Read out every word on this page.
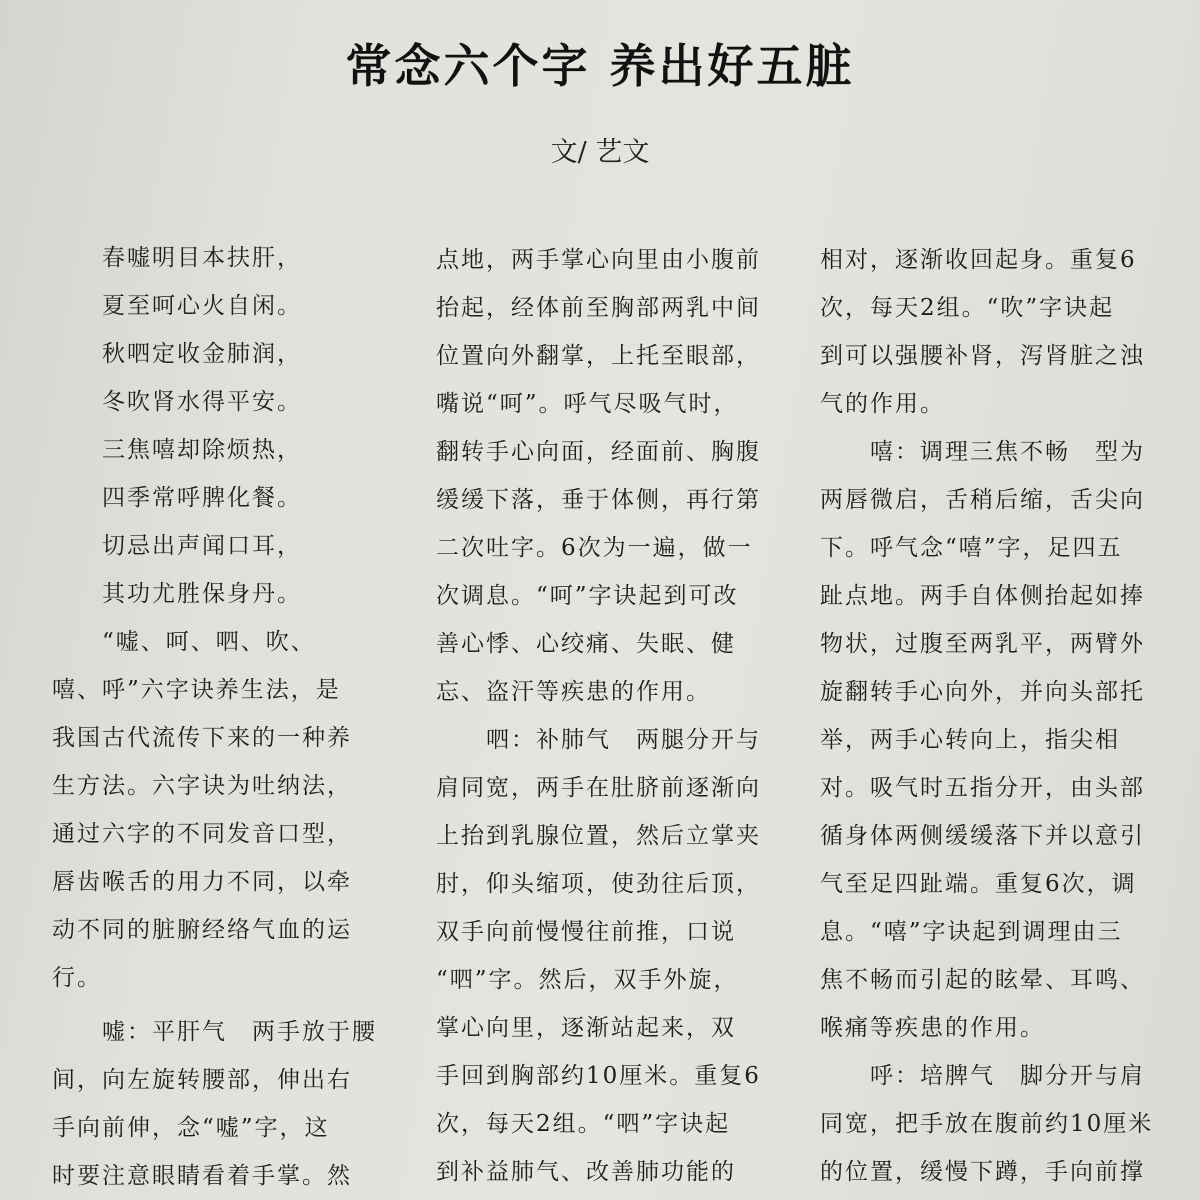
常念六个字 养出好五脏
文/ 艺文

　　春嘘明目本扶肝，

　　夏至呵心火自闲。

　　秋呬定收金肺润，

　　冬吹肾水得平安。

　　三焦嘻却除烦热，

　　四季常呼脾化餐。

　　切忌出声闻口耳，

　　其功尤胜保身丹。

　　“嘘、呵、呬、吹、

嘻、呼”六字诀养生法，是

我国古代流传下来的一种养

生方法。六字诀为吐纳法，

通过六字的不同发音口型，

唇齿喉舌的用力不同，以牵

动不同的脏腑经络气血的运

行。

　　嘘：平肝气　两手放于腰

间，向左旋转腰部，伸出右

手向前伸，念“嘘”字，这

时要注意眼睛看着手掌。然

点地，两手掌心向里由小腹前

抬起，经体前至胸部两乳中间

位置向外翻掌，上托至眼部，

嘴说“呵”。呼气尽吸气时，

翻转手心向面，经面前、胸腹

缓缓下落，垂于体侧，再行第

二次吐字。6次为一遍，做一

次调息。“呵”字诀起到可改

善心悸、心绞痛、失眠、健

忘、盗汗等疾患的作用。

　　呬：补肺气　两腿分开与

肩同宽，两手在肚脐前逐渐向

上抬到乳腺位置，然后立掌夹

肘，仰头缩项，使劲往后顶，

双手向前慢慢往前推，口说

“呬”字。然后，双手外旋，

掌心向里，逐渐站起来，双

手回到胸部约10厘米。重复6

次，每天2组。“呬”字诀起

到补益肺气、改善肺功能的

相对，逐渐收回起身。重复6

次，每天2组。“吹”字诀起

到可以强腰补肾，泻肾脏之浊

气的作用。

　　嘻：调理三焦不畅　型为

两唇微启，舌稍后缩，舌尖向

下。呼气念“嘻”字，足四五

趾点地。两手自体侧抬起如捧

物状，过腹至两乳平，两臂外

旋翻转手心向外，并向头部托

举，两手心转向上，指尖相

对。吸气时五指分开，由头部

循身体两侧缓缓落下并以意引

气至足四趾端。重复6次，调

息。“嘻”字诀起到调理由三

焦不畅而引起的眩晕、耳鸣、

喉痛等疾患的作用。

　　呼：培脾气　脚分开与肩

同宽，把手放在腹前约10厘米

的位置，缓慢下蹲，手向前撑
